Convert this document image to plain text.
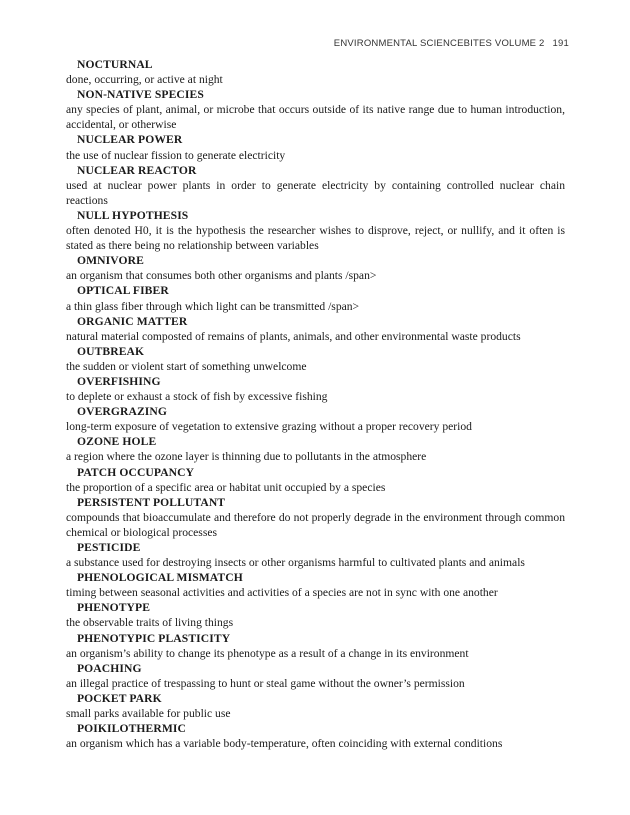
ENVIRONMENTAL SCIENCEBITES VOLUME 2 191
NOCTURNAL
done, occurring, or active at night
NON-NATIVE SPECIES
any species of plant, animal, or microbe that occurs outside of its native range due to human introduction, accidental, or otherwise
NUCLEAR POWER
the use of nuclear fission to generate electricity
NUCLEAR REACTOR
used at nuclear power plants in order to generate electricity by containing controlled nuclear chain reactions
NULL HYPOTHESIS
often denoted H0, it is the hypothesis the researcher wishes to disprove, reject, or nullify, and it often is stated as there being no relationship between variables
OMNIVORE
an organism that consumes both other organisms and plants /span>
OPTICAL FIBER
a thin glass fiber through which light can be transmitted /span>
ORGANIC MATTER
natural material composted of remains of plants, animals, and other environmental waste products
OUTBREAK
the sudden or violent start of something unwelcome
OVERFISHING
to deplete or exhaust a stock of fish by excessive fishing
OVERGRAZING
long-term exposure of vegetation to extensive grazing without a proper recovery period
OZONE HOLE
a region where the ozone layer is thinning due to pollutants in the atmosphere
PATCH OCCUPANCY
the proportion of a specific area or habitat unit occupied by a species
PERSISTENT POLLUTANT
compounds that bioaccumulate and therefore do not properly degrade in the environment through common chemical or biological processes
PESTICIDE
a substance used for destroying insects or other organisms harmful to cultivated plants and animals
PHENOLOGICAL MISMATCH
timing between seasonal activities and activities of a species are not in sync with one another
PHENOTYPE
the observable traits of living things
PHENOTYPIC PLASTICITY
an organism’s ability to change its phenotype as a result of a change in its environment
POACHING
an illegal practice of trespassing to hunt or steal game without the owner’s permission
POCKET PARK
small parks available for public use
POIKILOTHERMIC
an organism which has a variable body-temperature, often coinciding with external conditions
